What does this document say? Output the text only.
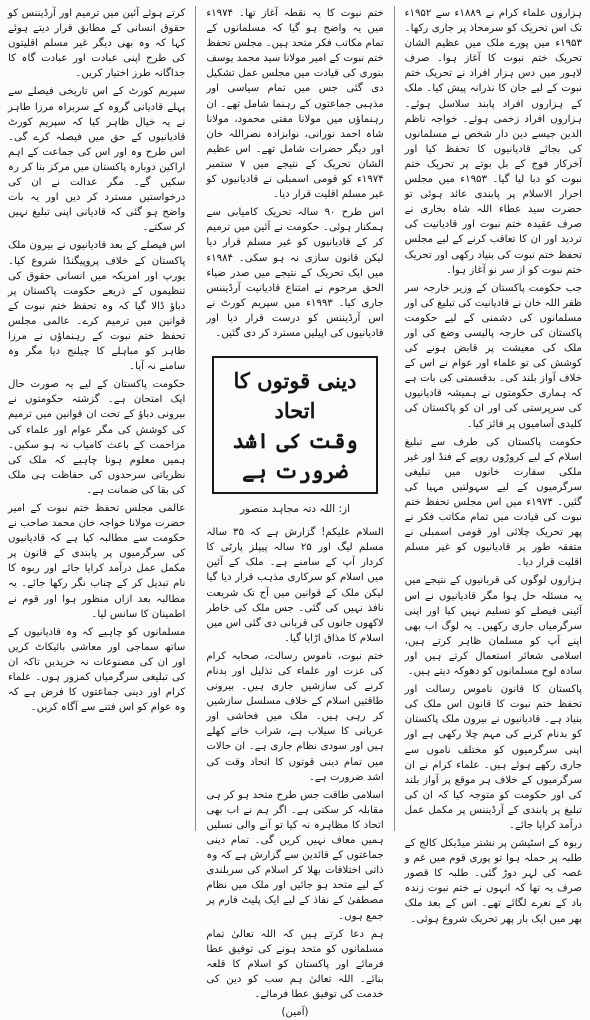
ہزاروں علماء کرام نے ۱۸۸۹ء سے ۱۹۵۲ء تک اس تحریک کو سرمحاذ پر جاری رکھا۔ ۱۹۵۳ء میں پورے ملک میں عظیم الشان تحریک ختم نبوت کا آغاز ہوا۔ صرف لاہور میں دس ہزار افراد نے تحریک ختم نبوت کے لیے جان کا نذرانہ پیش کیا۔ ملک کے ہزاروں افراد پابند سلاسل ہوئے۔ ہزاروں افراد زخمی ہوئے۔ خواجہ ناظم الدین جیسے دین دار شخص نے مسلمانوں کی بجائے قادیانیوں کا تحفظ کیا اور آخرکار فوج کے بل بوتے پر تحریک ختم نبوت کو دبا لیا گیا۔ ۱۹۵۳ء میں مجلس احرار الاسلام پر پابندی عائد ہوئی تو حضرت سید عطاء اللہ شاہ بخاری نے صرف عقیدہ ختم نبوت اور قادیانیت کی تردید اور ان کا تعاقب کرنے کے لیے مجلس تحفظ ختم نبوت کی بنیاد رکھی اور تحریک ختم نبوت کو از سر نو آغاز ہوا۔

جب حکومت پاکستان کے وزیر خارجہ سر ظفر اللہ خان نے قادیانیت کی تبلیغ کی اور مسلمانوں کی دشمنی کے لیے حکومت پاکستان کی خارجہ پالیسی وضع کی اور ملک کی معیشت پر قابض ہونے کی کوشش کی تو علماء اور عوام نے اس کے خلاف آواز بلند کی۔ بدقسمتی کی بات ہے کہ ہماری حکومتوں نے ہمیشہ قادیانیوں کی سرپرستی کی اور ان کو پاکستان کی کلیدی آسامیوں پر فائز کیا۔

حکومت پاکستان کی طرف سے تبلیغ اسلام کے لیے کروڑوں روپے کے فنڈ اور غیر ملکی سفارت خانوں میں تبلیغی سرگرمیوں کے لیے سہولتیں مہیا کی گئیں۔ ۱۹۷۴ء میں اس مجلس تحفظ ختم نبوت کی قیادت میں تمام مکاتب فکر نے پھر تحریک چلائی اور قومی اسمبلی نے متفقہ طور پر قادیانیوں کو غیر مسلم اقلیت قرار دیا۔

ہزاروں لوگوں کی قربانیوں کے نتیجے میں یہ مسئلہ حل ہوا مگر قادیانیوں نے اس آئینی فیصلے کو تسلیم نہیں کیا اور اپنی سرگرمیاں جاری رکھیں۔ یہ لوگ اب بھی اپنے آپ کو مسلمان ظاہر کرتے ہیں، اسلامی شعائر استعمال کرتے ہیں اور سادہ لوح مسلمانوں کو دھوکہ دیتے ہیں۔

پاکستان کا قانون ناموس رسالت اور تحفظ ختم نبوت کا قانون اس ملک کی بنیاد ہے۔ قادیانیوں نے بیرون ملک پاکستان کو بدنام کرنے کی مہم چلا رکھی ہے اور اپنی سرگرمیوں کو مختلف ناموں سے جاری رکھے ہوئے ہیں۔ علماء کرام نے ان سرگرمیوں کے خلاف ہر موقع پر آواز بلند کی اور حکومت کو متوجہ کیا کہ ان کی تبلیغ پر پابندی کے آرڈیننس پر مکمل عمل درآمد کرایا جائے۔

ربوہ کے اسٹیشن پر نشتر میڈیکل کالج کے طلبہ پر حملہ ہوا تو پوری قوم میں غم و غصہ کی لہر دوڑ گئی۔ طلبہ کا قصور صرف یہ تھا کہ انہوں نے ختم نبوت زندہ باد کے نعرے لگائے تھے۔ اس کے بعد ملک بھر میں ایک بار پھر تحریک شروع ہوئی۔

ختم نبوت کا یہ نقطہ آغاز تھا۔ ۱۹۷۴ء میں یہ واضح ہو گیا کہ مسلمانوں کے تمام مکاتب فکر متحد ہیں۔ مجلس تحفظ ختم نبوت کے امیر مولانا سید محمد یوسف بنوری کی قیادت میں مجلس عمل تشکیل دی گئی جس میں تمام سیاسی اور مذہبی جماعتوں کے رہنما شامل تھے۔ ان رہنماؤں میں مولانا مفتی محمود، مولانا شاہ احمد نورانی، نوابزادہ نصراللہ خان اور دیگر حضرات شامل تھے۔ اس عظیم الشان تحریک کے نتیجے میں ۷ ستمبر ۱۹۷۴ء کو قومی اسمبلی نے قادیانیوں کو غیر مسلم اقلیت قرار دیا۔

اس طرح ۹۰ سالہ تحریک کامیابی سے ہمکنار ہوئی۔ حکومت نے آئین میں ترمیم کر کے قادیانیوں کو غیر مسلم قرار دیا لیکن قانون سازی نہ ہو سکی۔ ۱۹۸۴ء میں ایک تحریک کے نتیجے میں صدر ضیاء الحق مرحوم نے امتناع قادیانیت آرڈیننس جاری کیا۔ ۱۹۹۳ء میں سپریم کورٹ نے اس آرڈیننس کو درست قرار دیا اور قادیانیوں کی اپیلیں مسترد کر دی گئیں۔

دینی قوتوں کا اتحاد
وقت کی اشد ضرورت ہے
از: اللہ دتہ مجاہد منصور

السلام علیکم! گزارش ہے کہ ۳۵ سالہ مسلم لیگ اور ۲۵ سالہ پیپلز پارٹی کا کردار آپ کے سامنے ہے۔ ملک کے آئین میں اسلام کو سرکاری مذہب قرار دیا گیا لیکن ملک کے قوانین میں آج تک شریعت نافذ نہیں کی گئی۔ جس ملک کی خاطر لاکھوں جانوں کی قربانی دی گئی اس میں اسلام کا مذاق اڑایا گیا۔

ختم نبوت، ناموس رسالت، صحابہ کرام کی عزت اور علماء کی تذلیل اور بدنام کرنے کی سازشیں جاری ہیں۔ بیرونی طاقتیں اسلام کے خلاف مسلسل سازشیں کر رہی ہیں۔ ملک میں فحاشی اور عریانی کا سیلاب ہے، شراب خانے کھلے ہیں اور سودی نظام جاری ہے۔ ان حالات میں تمام دینی قوتوں کا اتحاد وقت کی اشد ضرورت ہے۔

اسلامی طاقت جس طرح متحد ہو کر ہی مقابلہ کر سکتی ہے۔ اگر ہم نے اب بھی اتحاد کا مظاہرہ نہ کیا تو آنے والی نسلیں ہمیں معاف نہیں کریں گی۔ تمام دینی جماعتوں کے قائدین سے گزارش ہے کہ وہ ذاتی اختلافات بھلا کر اسلام کی سربلندی کے لیے متحد ہو جائیں اور ملک میں نظام مصطفیٰ کے نفاذ کے لیے ایک پلیٹ فارم پر جمع ہوں۔

ہم دعا کرتے ہیں کہ اللہ تعالیٰ تمام مسلمانوں کو متحد ہونے کی توفیق عطا فرمائے اور پاکستان کو اسلام کا قلعہ بنائے۔ اللہ تعالیٰ ہم سب کو دین کی خدمت کی توفیق عطا فرمائے۔

(آمین)

کرتے ہوئے آئین میں ترمیم اور آرڈیننس کو حقوق انسانی کے مطابق قرار دیتے ہوئے کہا کہ وہ بھی دیگر غیر مسلم اقلیتوں کی طرح اپنی عبادت اور عبادت گاہ کا جداگانہ طرز اختیار کریں۔

سپریم کورٹ کے اس تاریخی فیصلے سے پہلے قادیانی گروہ کے سربراہ مرزا طاہر نے یہ خیال ظاہر کیا کہ سپریم کورٹ قادیانیوں کے حق میں فیصلہ کرے گی۔ اس طرح وہ اور اس کی جماعت کے اہم اراکین دوبارہ پاکستان میں مرکز بنا کر رہ سکیں گے۔ مگر عدالت نے ان کی درخواستیں مسترد کر دیں اور یہ بات واضح ہو گئی کہ قادیانی اپنی تبلیغ نہیں کر سکتے۔

اس فیصلے کے بعد قادیانیوں نے بیرون ملک پاکستان کے خلاف پروپیگنڈا شروع کیا۔ یورپ اور امریکہ میں انسانی حقوق کی تنظیموں کے ذریعے حکومت پاکستان پر دباؤ ڈالا گیا کہ وہ تحفظ ختم نبوت کے قوانین میں ترمیم کرے۔ عالمی مجلس تحفظ ختم نبوت کے رہنماؤں نے مرزا طاہر کو مباہلے کا چیلنج دیا مگر وہ سامنے نہ آیا۔

حکومت پاکستان کے لیے یہ صورت حال ایک امتحان ہے۔ گزشتہ حکومتوں نے بیرونی دباؤ کے تحت ان قوانین میں ترمیم کی کوشش کی مگر عوام اور علماء کی مزاحمت کے باعث کامیاب نہ ہو سکیں۔ ہمیں معلوم ہونا چاہیے کہ ملک کی نظریاتی سرحدوں کی حفاظت ہی ملک کی بقا کی ضمانت ہے۔

عالمی مجلس تحفظ ختم نبوت کے امیر حضرت مولانا خواجہ خان محمد صاحب نے حکومت سے مطالبہ کیا ہے کہ قادیانیوں کی سرگرمیوں پر پابندی کے قانون پر مکمل عمل درآمد کرایا جائے اور ربوہ کا نام تبدیل کر کے چناب نگر رکھا جائے۔ یہ مطالبہ بعد ازاں منظور ہوا اور قوم نے اطمینان کا سانس لیا۔

مسلمانوں کو چاہیے کہ وہ قادیانیوں کے ساتھ سماجی اور معاشی بائیکاٹ کریں اور ان کی مصنوعات نہ خریدیں تاکہ ان کی تبلیغی سرگرمیاں کمزور ہوں۔ علماء کرام اور دینی جماعتوں کا فرض ہے کہ وہ عوام کو اس فتنے سے آگاہ کریں۔
